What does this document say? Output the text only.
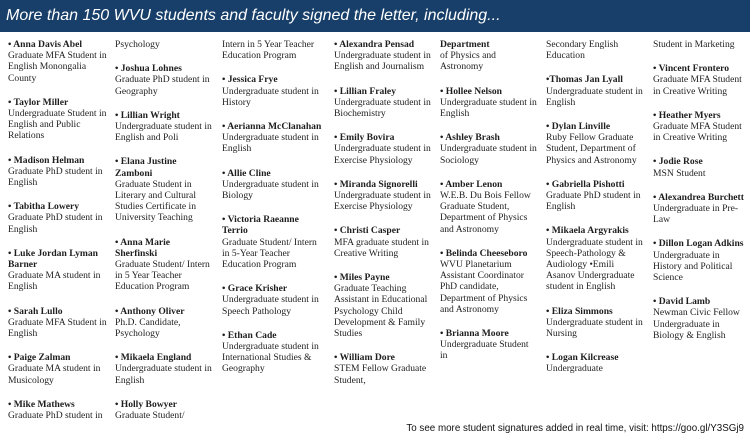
More than 150 WVU students and faculty signed the letter, including...
• Anna Davis Abel
Graduate MFA Student in English Monongalia County
• Taylor Miller
Undergraduate Student in English and Public Relations
• Madison Helman
Graduate PhD student in English
• Tabitha Lowery
Graduate PhD student in English
• Luke Jordan Lyman Barner
Graduate MA student in English
• Sarah Lullo
Graduate MFA Student in English
• Paige Zalman
Graduate MA student in Musicology
• Mike Mathews
Graduate PhD student in
Psychology
• Joshua Lohnes
Graduate PhD student in Geography
• Lillian Wright
Undergraduate student in English and Poli
• Elana Justine Zamboni
Graduate Student in Literary and Cultural Studies Certificate in University Teaching
• Anna Marie Sherfinski
Graduate Student/ Intern in 5 Year Teacher Education Program
• Anthony Oliver
Ph.D. Candidate, Psychology
• Mikaela England
Undergraduate student in English
• Holly Bowyer
Graduate Student/
Intern in 5 Year Teacher Education Program
• Jessica Frye
Undergraduate student in History
• Aerianna McClanahan
Undergraduate student in English
• Allie Cline
Undergraduate student in Biology
• Victoria Raeanne Terrio
Graduate Student/ Intern in 5-Year Teacher Education Program
• Grace Krisher
Undergraduate student in Speech Pathology
• Ethan Cade
Undergraduate student in International Studies & Geography
• Alexandra Pensad
Undergraduate student in English and Journalism
• Lillian Fraley
Undergraduate student in Biochemistry
• Emily Bovira
Undergraduate student in Exercise Physiology
• Miranda Signorelli
Undergraduate student in Exercise Physiology
• Christi Casper
MFA graduate student in Creative Writing
• Miles Payne
Graduate Teaching Assistant in Educational Psychology Child Development & Family Studies
• William Dore
STEM Fellow Graduate Student,
Department
of Physics and Astronomy
• Hollee Nelson
Undergraduate student in English
• Ashley Brash
Undergraduate student in Sociology
• Amber Lenon
W.E.B. Du Bois Fellow Graduate Student, Department of Physics and Astronomy
• Belinda Cheeseboro
WVU Planetarium Assistant Coordinator PhD candidate, Department of Physics and Astronomy
• Brianna Moore
Undergraduate Student in
Secondary English Education
•Thomas Jan Lyall
Undergraduate student in English
• Dylan Linville
Ruby Fellow Graduate Student, Department of Physics and Astronomy
• Gabriella Pishotti
Graduate PhD student in English
• Mikaela Argyrakis
Undergraduate student in Speech-Pathology & Audiology •Emili Asanov Undergraduate student in English
• Eliza Simmons
Undergraduate student in Nursing
• Logan Kilcrease
Undergraduate
Student in Marketing
• Vincent Frontero
Graduate MFA Student in Creative Writing
• Heather Myers
Graduate MFA Student in Creative Writing
• Jodie Rose
MSN Student
• Alexandrea Burchett
Undergraduate in Pre-Law
• Dillon Logan Adkins
Undergraduate in History and Political Science
• David Lamb
Newman Civic Fellow Undergraduate in Biology & English
To see more student signatures added in real time, visit: https://goo.gl/Y3SGj9
